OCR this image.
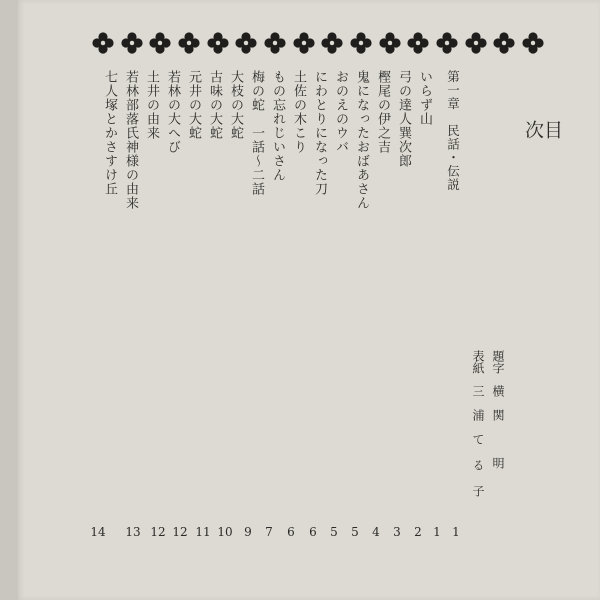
第一章　民話・伝説
いらず山
弓の達人巽次郎
樫尾の伊之吉
鬼になったおばあさん
おのえのウバ
にわとりになった刀
土佐の木こり
もの忘れじいさん
梅の蛇　一話〜二話
大枝の大蛇
古味の大蛇
元井の大蛇
若林の大へび
土井の由来
若林部落氏神様の由来
七人塚とかさすけ丘	目
次
題字
横　関　　　明
表紙
三　浦　て る 子
1
1
2
3
4
5
5
6
6
7
9
10
11
12
12
13
14
